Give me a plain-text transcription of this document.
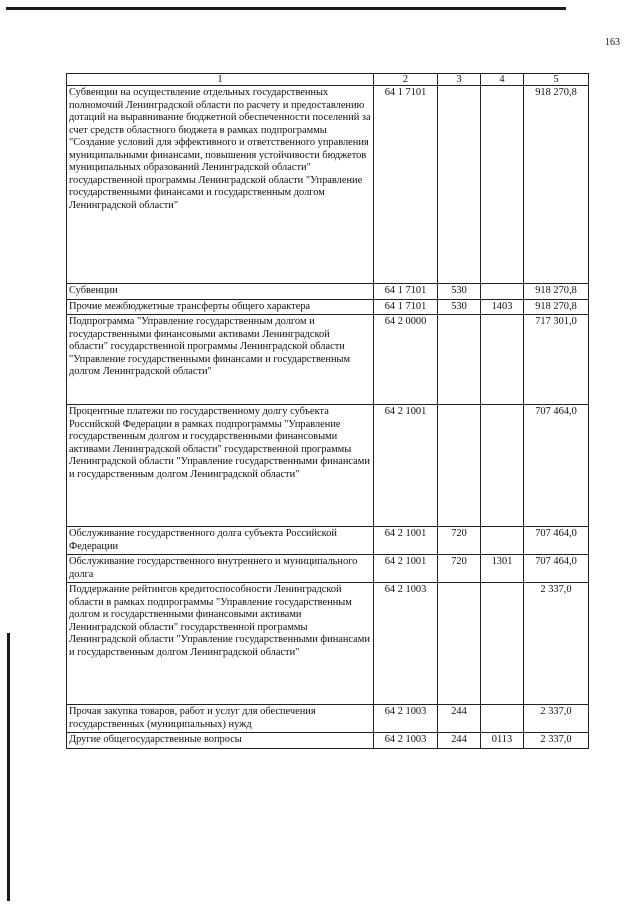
163
1	2	3	4	5
Субвенции на осуществление отдельных государственных полномочий Ленинградской области по расчету и предоставлению дотаций на выравнивание бюджетной обеспеченности поселений за счет средств областного бюджета в рамках подпрограммы "Создание условий для эффективного и ответственного управления муниципальными финансами, повышения устойчивости бюджетов муниципальных образований Ленинградской области" государственной программы Ленинградской области "Управление государственными финансами и государственным долгом Ленинградской области"	64 1 7101			918 270,8
Субвенции	64 1 7101	530		918 270,8
Прочие межбюджетные трансферты общего характера	64 1 7101	530	1403	918 270,8
Подпрограмма "Управление государственным долгом и государственными финансовыми активами Ленинградской области" государственной программы Ленинградской области "Управление государственными финансами и государственным долгом Ленинградской области"	64 2 0000			717 301,0
Процентные платежи по государственному долгу субъекта Российской Федерации в рамках подпрограммы "Управление государственным долгом и государственными финансовыми активами Ленинградской области" государственной программы Ленинградской области "Управление государственными финансами и государственным долгом Ленинградской области"	64 2 1001			707 464,0
Обслуживание государственного долга субъекта Российской Федерации	64 2 1001	720		707 464,0
Обслуживание государственного внутреннего и муниципального долга	64 2 1001	720	1301	707 464,0
Поддержание рейтингов кредитоспособности Ленинградской области в рамках подпрограммы "Управление государственным долгом и государственными финансовыми активами Ленинградской области" государственной программы Ленинградской области "Управление государственными финансами и государственным долгом Ленинградской области"	64 2 1003			2 337,0
Прочая закупка товаров, работ и услуг для обеспечения государственных (муниципальных) нужд	64 2 1003	244		2 337,0
Другие общегосударственные вопросы	64 2 1003	244	0113	2 337,0
